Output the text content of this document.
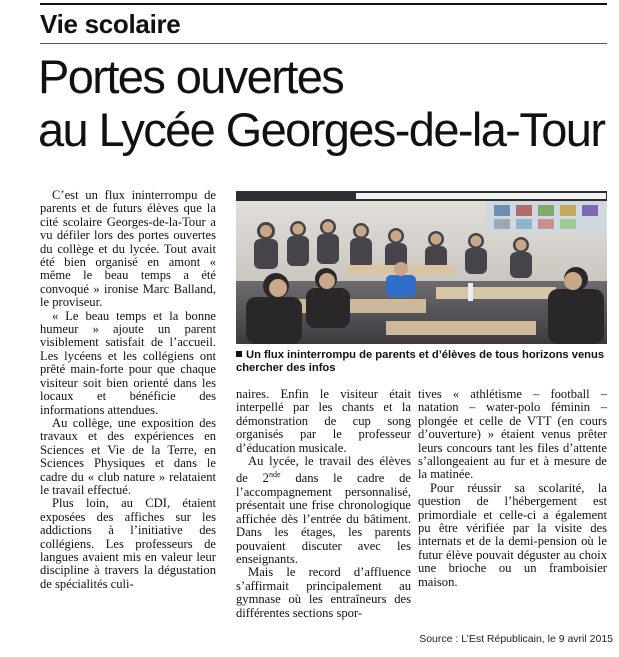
Vie scolaire
Portes ouvertes
au Lycée Georges-de-la-Tour

C’est un flux ininterrompu de parents et de futurs élèves que la cité scolaire Georges-de-la-Tour a vu défiler lors des portes ouvertes du collège et du lycée. Tout avait été bien organisé en amont « même le beau temps a été convoqué » ironise Marc Balland, le proviseur.

« Le beau temps et la bonne humeur » ajoute un parent visiblement satisfait de l’accueil. Les lycéens et les collégiens ont prêté main-forte pour que chaque visiteur soit bien orienté dans les locaux et bénéficie des informations attendues.

Au collège, une exposition des travaux et des expériences en Sciences et Vie de la Terre, en Sciences Physiques et dans le cadre du « club nature » relataient le travail effectué.

Plus loin, au CDI, étaient exposées des affiches sur les addictions à l’initiative des collégiens. Les professeurs de langues avaient mis en valeur leur discipline à travers la dégustation de spécialités culi-

Un flux ininterrompu de parents et d’élèves de tous horizons venus chercher des infos

naires. Enfin le visiteur était interpellé par les chants et la démonstration de cup song organisés par le professeur d’éducation musicale.

Au lycée, le travail des élèves de 2nde dans le cadre de l’accompagnement personnalisé, présentait une frise chronologique affichée dès l’entrée du bâtiment. Dans les étages, les parents pouvaient discuter avec les enseignants.

Mais le record d’affluence s’affirmait principalement au gymnase où les entraîneurs des différentes sections spor-

tives « athlétisme – football – natation – water-polo féminin – plongée et celle de VTT (en cours d’ouverture) » étaient venus prêter leurs concours tant les files d’attente s’allongeaient au fur et à mesure de la matinée.

Pour réussir sa scolarité, la question de l’hébergement est primordiale et celle-ci a également pu être vérifiée par la visite des internats et de la demi-pension où le futur élève pouvait déguster au choix une brioche ou un framboisier maison.

Source : L’Est Républicain, le 9 avril 2015
